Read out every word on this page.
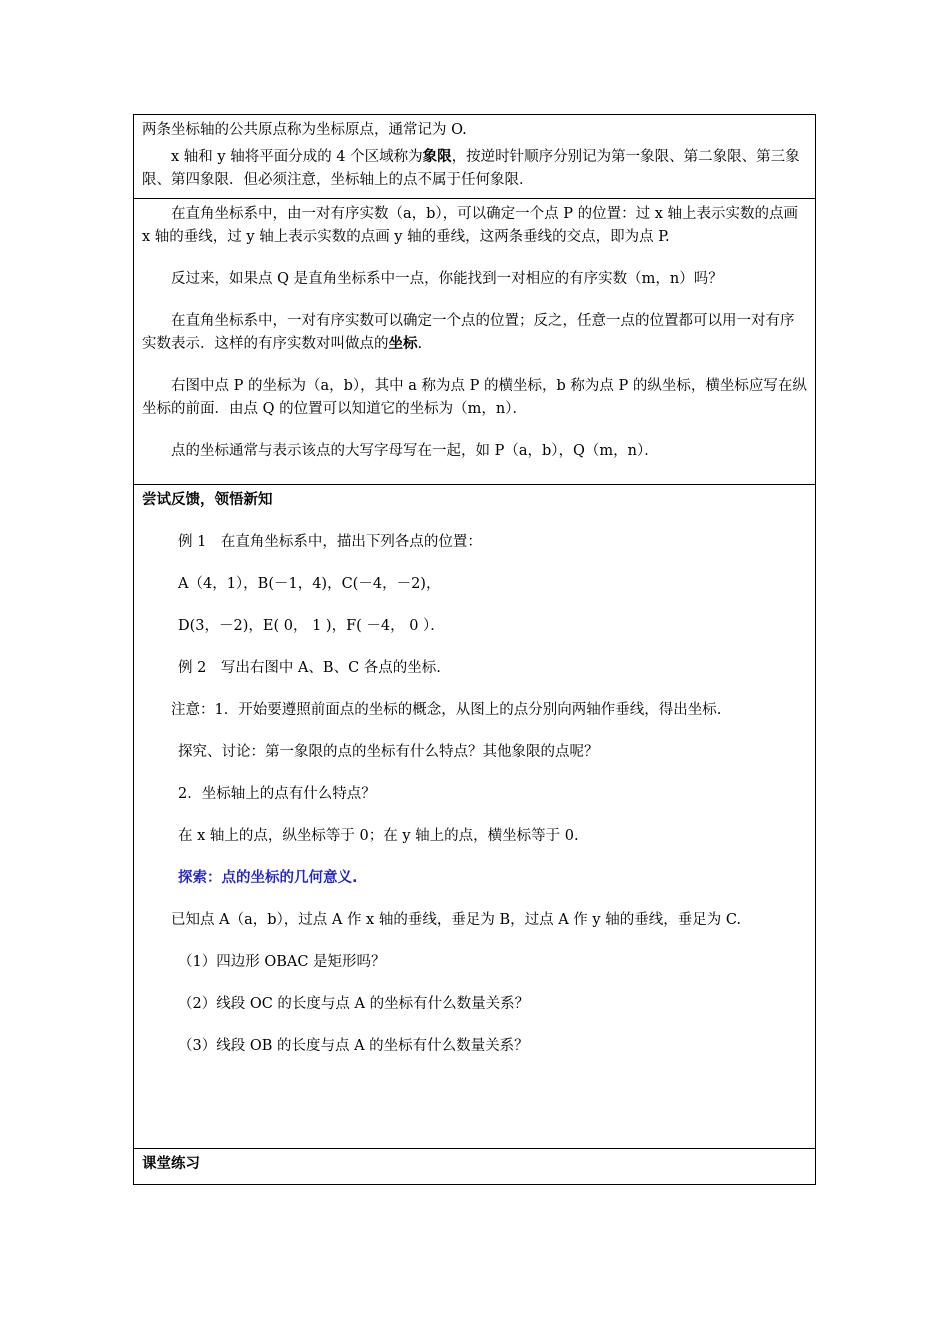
两条坐标轴的公共原点称为坐标原点，通常记为 O.

x 轴和 y 轴将平面分成的 4 个区域称为象限，按逆时针顺序分别记为第一象限、第二象限、第三象限、第四象限．但必须注意，坐标轴上的点不属于任何象限．

在直角坐标系中，由一对有序实数（a，b），可以确定一个点 P 的位置：过 x 轴上表示实数的点画 x 轴的垂线，过 y 轴上表示实数的点画 y 轴的垂线，这两条垂线的交点，即为点 P.

反过来，如果点 Q 是直角坐标系中一点，你能找到一对相应的有序实数（m，n）吗？

在直角坐标系中，一对有序实数可以确定一个点的位置；反之，任意一点的位置都可以用一对有序实数表示．这样的有序实数对叫做点的坐标.

右图中点 P 的坐标为（a，b），其中 a 称为点 P 的横坐标，b 称为点 P 的纵坐标，横坐标应写在纵坐标的前面．由点 Q 的位置可以知道它的坐标为（m，n）．

点的坐标通常与表示该点的大写字母写在一起，如 P（a，b），Q（m，n）．

尝试反馈，领悟新知

例 1　在直角坐标系中，描出下列各点的位置：

A（4，1），B(－1，4)，C(－4，－2)，

D(3，－2)，E( 0， 1 )，F( －4， 0 ）．

例 2　写出右图中 A、B、C 各点的坐标.

注意：1．开始要遵照前面点的坐标的概念，从图上的点分别向两轴作垂线，得出坐标.

探究、讨论：第一象限的点的坐标有什么特点？其他象限的点呢？

2．坐标轴上的点有什么特点？

在 x 轴上的点，纵坐标等于 0；在 y 轴上的点，横坐标等于 0.

探索：点的坐标的几何意义.

已知点 A（a，b），过点 A 作 x 轴的垂线，垂足为 B，过点 A 作 y 轴的垂线，垂足为 C.

（1）四边形 OBAC 是矩形吗？

（2）线段 OC 的长度与点 A 的坐标有什么数量关系？

（3）线段 OB 的长度与点 A 的坐标有什么数量关系？

课堂练习
